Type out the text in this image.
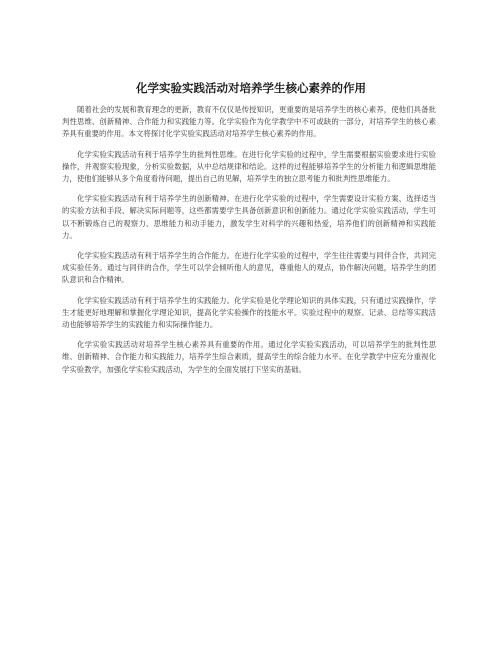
化学实验实践活动对培养学生核心素养的作用

随着社会的发展和教育理念的更新，教育不仅仅是传授知识，更重要的是培养学生的核心素养，使他们具备批判性思维、创新精神、合作能力和实践能力等。化学实验作为化学教学中不可或缺的一部分，对培养学生的核心素养具有重要的作用。本文将探讨化学实验实践活动对培养学生核心素养的作用。

化学实验实践活动有利于培养学生的批判性思维。在进行化学实验的过程中，学生需要根据实验要求进行实验操作，并观察实验现象，分析实验数据，从中总结规律和结论。这样的过程能够培养学生的分析能力和逻辑思维能力，使他们能够从多个角度看待问题，提出自己的见解，培养学生的独立思考能力和批判性思维能力。

化学实验实践活动有利于培养学生的创新精神。在进行化学实验的过程中，学生需要设计实验方案、选择适当的实验方法和手段、解决实际问题等，这些都需要学生具备创新意识和创新能力。通过化学实验实践活动，学生可以不断锻炼自己的观察力、思维能力和动手能力，激发学生对科学的兴趣和热爱，培养他们的创新精神和实践能力。

化学实验实践活动有利于培养学生的合作能力。在进行化学实验的过程中，学生往往需要与同伴合作，共同完成实验任务。通过与同伴的合作，学生可以学会倾听他人的意见，尊重他人的观点，协作解决问题，培养学生的团队意识和合作精神。

化学实验实践活动有利于培养学生的实践能力。化学实验是化学理论知识的具体实践，只有通过实践操作，学生才能更好地理解和掌握化学理论知识，提高化学实验操作的技能水平。实验过程中的观察、记录、总结等实践活动也能够培养学生的实践能力和实际操作能力。

化学实验实践活动对培养学生核心素养具有重要的作用。通过化学实验实践活动，可以培养学生的批判性思维、创新精神、合作能力和实践能力，培养学生综合素质，提高学生的综合能力水平。在化学教学中应充分重视化学实验教学，加强化学实验实践活动，为学生的全面发展打下坚实的基础。
